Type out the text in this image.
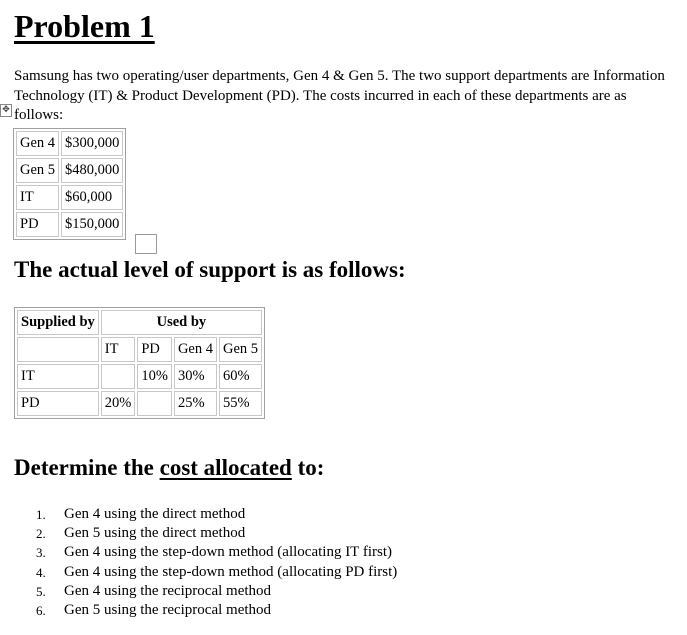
Problem 1

Samsung has two operating/user departments, Gen 4 & Gen 5. The two support departments are Information Technology (IT) & Product Development (PD). The costs incurred in each of these departments are as follows:

✥
Gen 4	$300,000
Gen 5	$480,000
IT	$60,000
PD	$150,000
The actual level of support is as follows:
Supplied by	Used by			
	IT	PD	Gen 4	Gen 5
IT		10%	30%	60%
PD	20%		25%	55%
Determine the cost allocated to:
1.	Gen 4 using the direct method
2.	Gen 5 using the direct method
3.	Gen 4 using the step-down method (allocating IT first)
4.	Gen 4 using the step-down method (allocating PD first)
5.	Gen 4 using the reciprocal method
6.	Gen 5 using the reciprocal method
